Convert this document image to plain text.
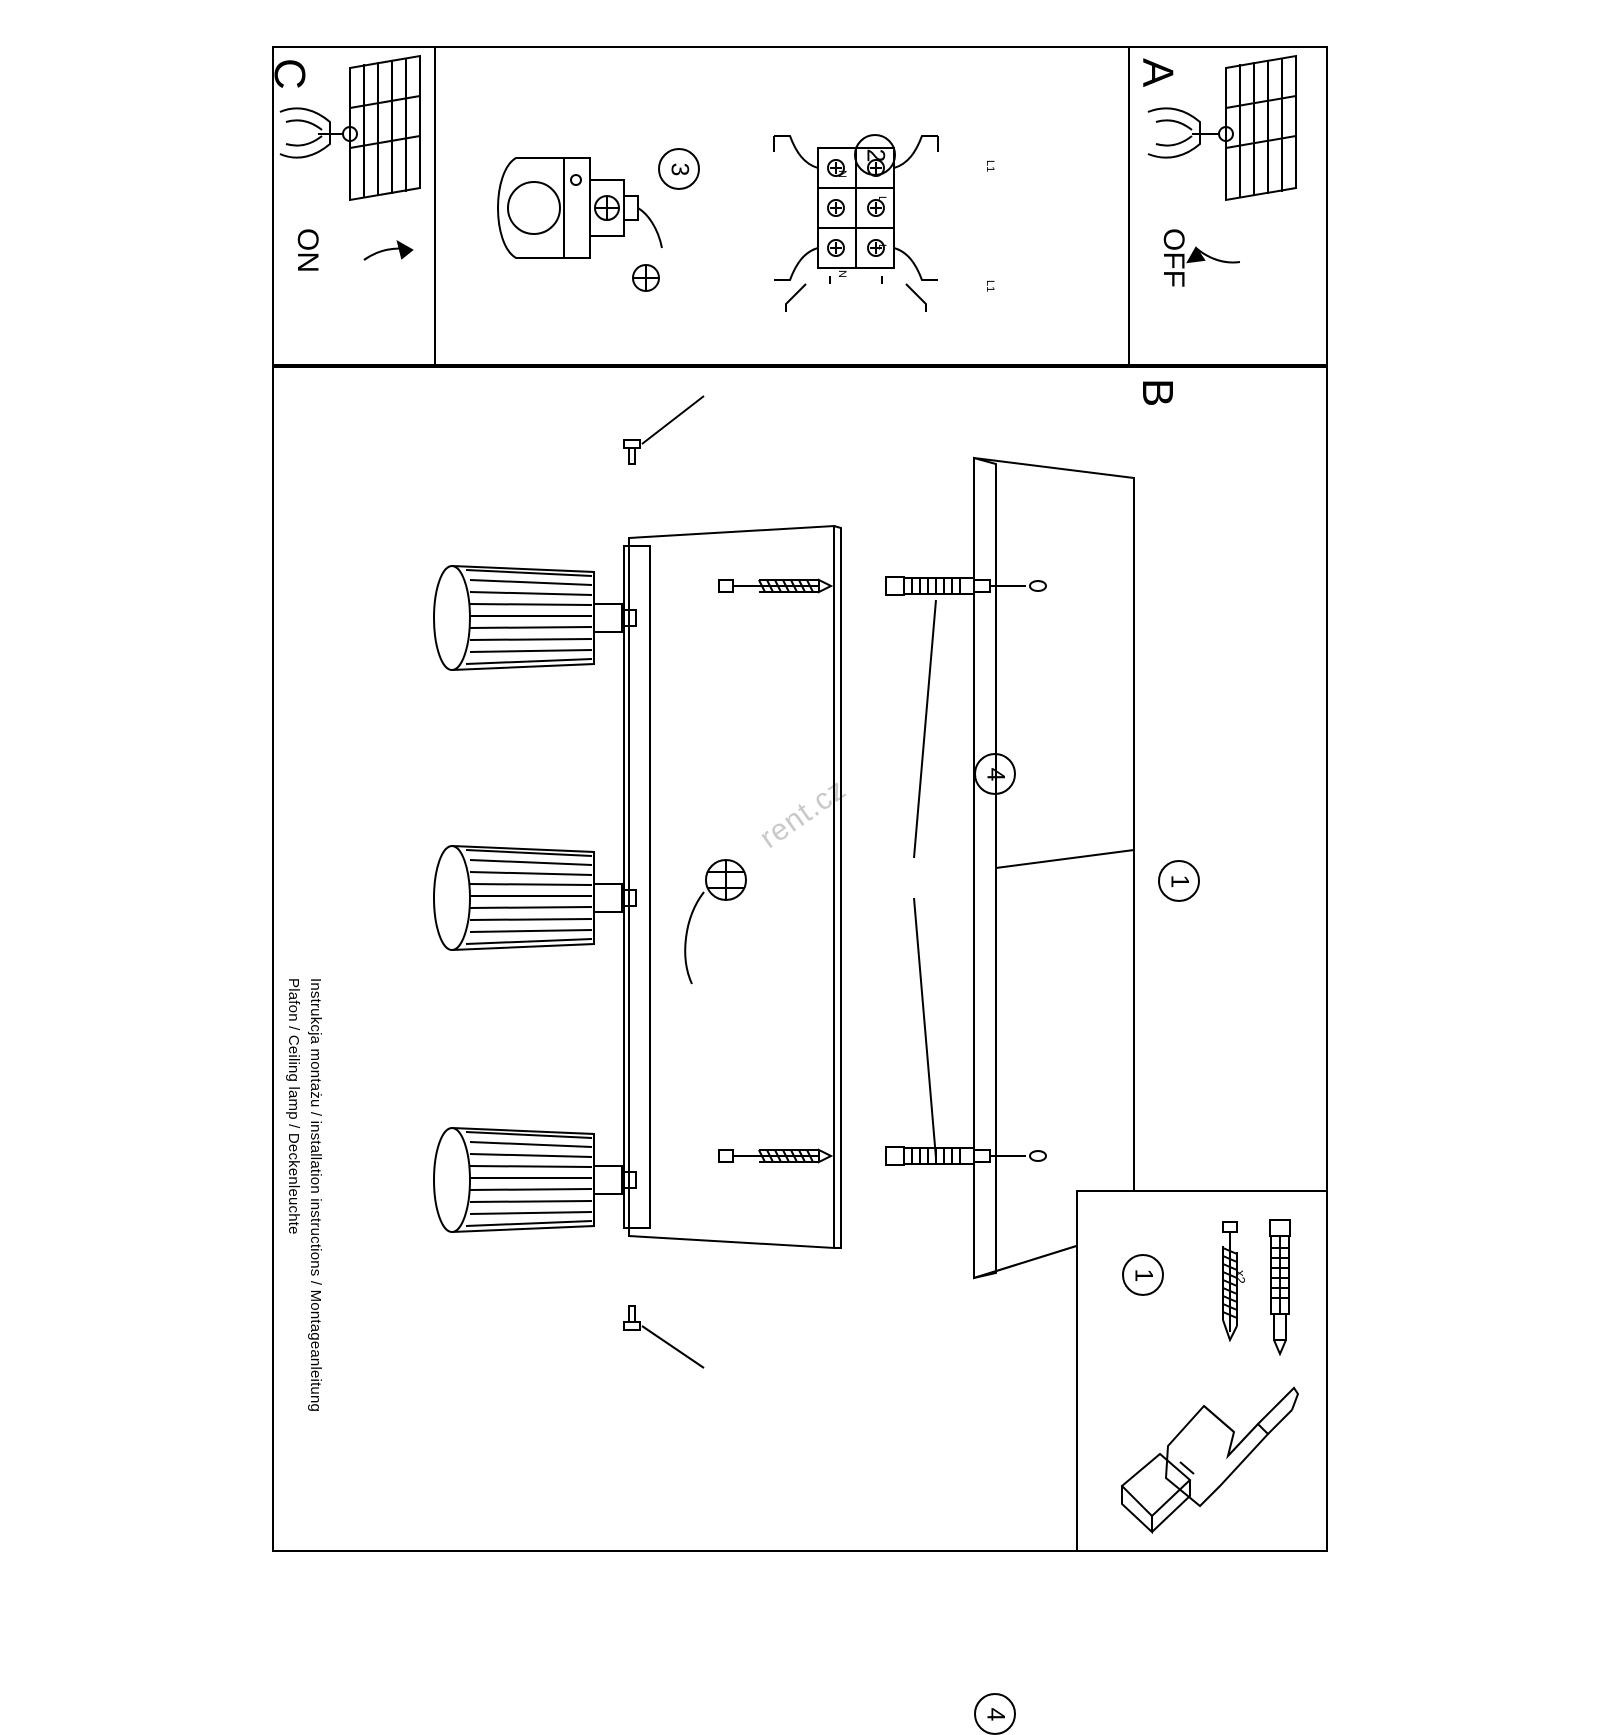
B
Instrukcja montażu / installation instructions / Montageanleitung
Plafon / Ceiling lamp / Deckenleuchte
rent.cz	4
4
1
A
OFF
C
ON
2
N
N
L
L
L1
L1
3
1	x2
